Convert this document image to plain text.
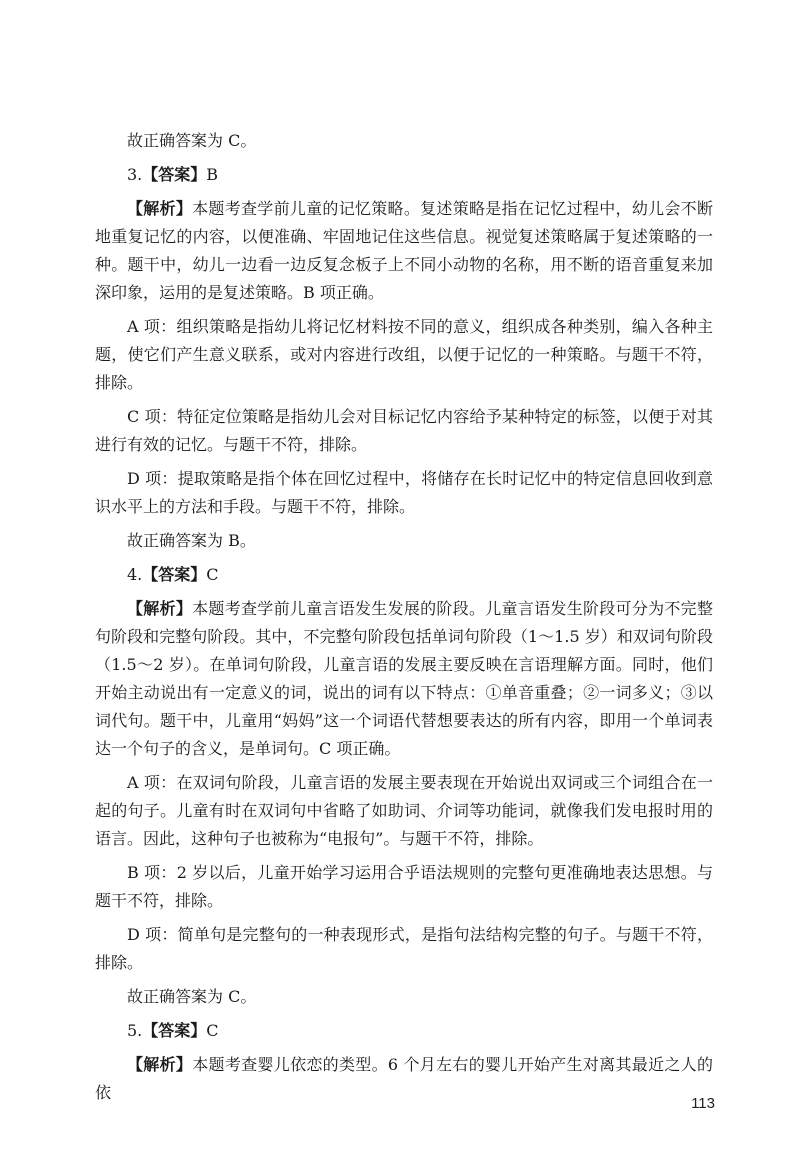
故正确答案为 C。

3.【答案】B

【解析】本题考查学前儿童的记忆策略。复述策略是指在记忆过程中，幼儿会不断地重复记忆的内容，以便准确、牢固地记住这些信息。视觉复述策略属于复述策略的一种。题干中，幼儿一边看一边反复念板子上不同小动物的名称，用不断的语音重复来加深印象，运用的是复述策略。B 项正确。

A 项：组织策略是指幼儿将记忆材料按不同的意义，组织成各种类别，编入各种主题，使它们产生意义联系，或对内容进行改组，以便于记忆的一种策略。与题干不符，排除。

C 项：特征定位策略是指幼儿会对目标记忆内容给予某种特定的标签，以便于对其进行有效的记忆。与题干不符，排除。

D 项：提取策略是指个体在回忆过程中，将储存在长时记忆中的特定信息回收到意识水平上的方法和手段。与题干不符，排除。

故正确答案为 B。

4.【答案】C

【解析】本题考查学前儿童言语发生发展的阶段。儿童言语发生阶段可分为不完整句阶段和完整句阶段。其中，不完整句阶段包括单词句阶段（1～1.5 岁）和双词句阶段（1.5～2 岁）。在单词句阶段，儿童言语的发展主要反映在言语理解方面。同时，他们开始主动说出有一定意义的词，说出的词有以下特点：①单音重叠；②一词多义；③以词代句。题干中，儿童用“妈妈”这一个词语代替想要表达的所有内容，即用一个单词表达一个句子的含义，是单词句。C 项正确。

A 项：在双词句阶段，儿童言语的发展主要表现在开始说出双词或三个词组合在一起的句子。儿童有时在双词句中省略了如助词、介词等功能词，就像我们发电报时用的语言。因此，这种句子也被称为“电报句”。与题干不符，排除。

B 项：2 岁以后，儿童开始学习运用合乎语法规则的完整句更准确地表达思想。与题干不符，排除。

D 项：简单句是完整句的一种表现形式，是指句法结构完整的句子。与题干不符，排除。

故正确答案为 C。

5.【答案】C

【解析】本题考查婴儿依恋的类型。6 个月左右的婴儿开始产生对离其最近之人的依

113
